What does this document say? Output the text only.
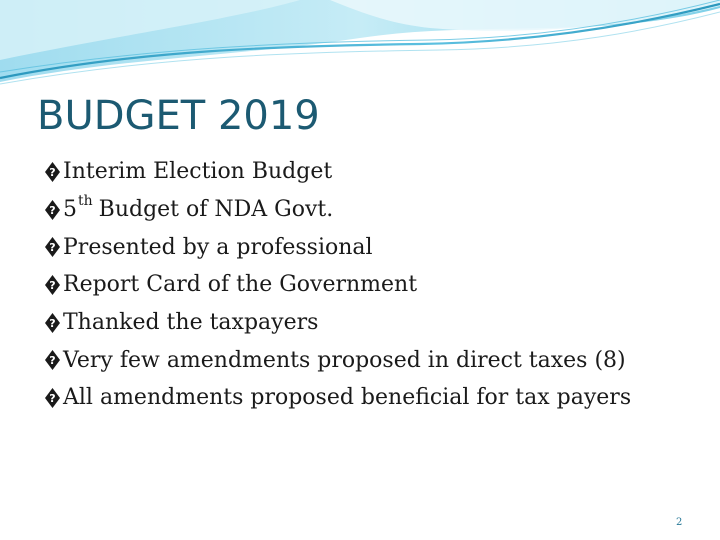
BUDGET 2019
? Interim Election Budget
? 5 th Budget of NDA Govt.
? Presented by a professional
? Report Card of the Government
? Thanked the taxpayers
? Very few amendments proposed in direct taxes (8)
? All amendments proposed beneficial for tax payers
2
